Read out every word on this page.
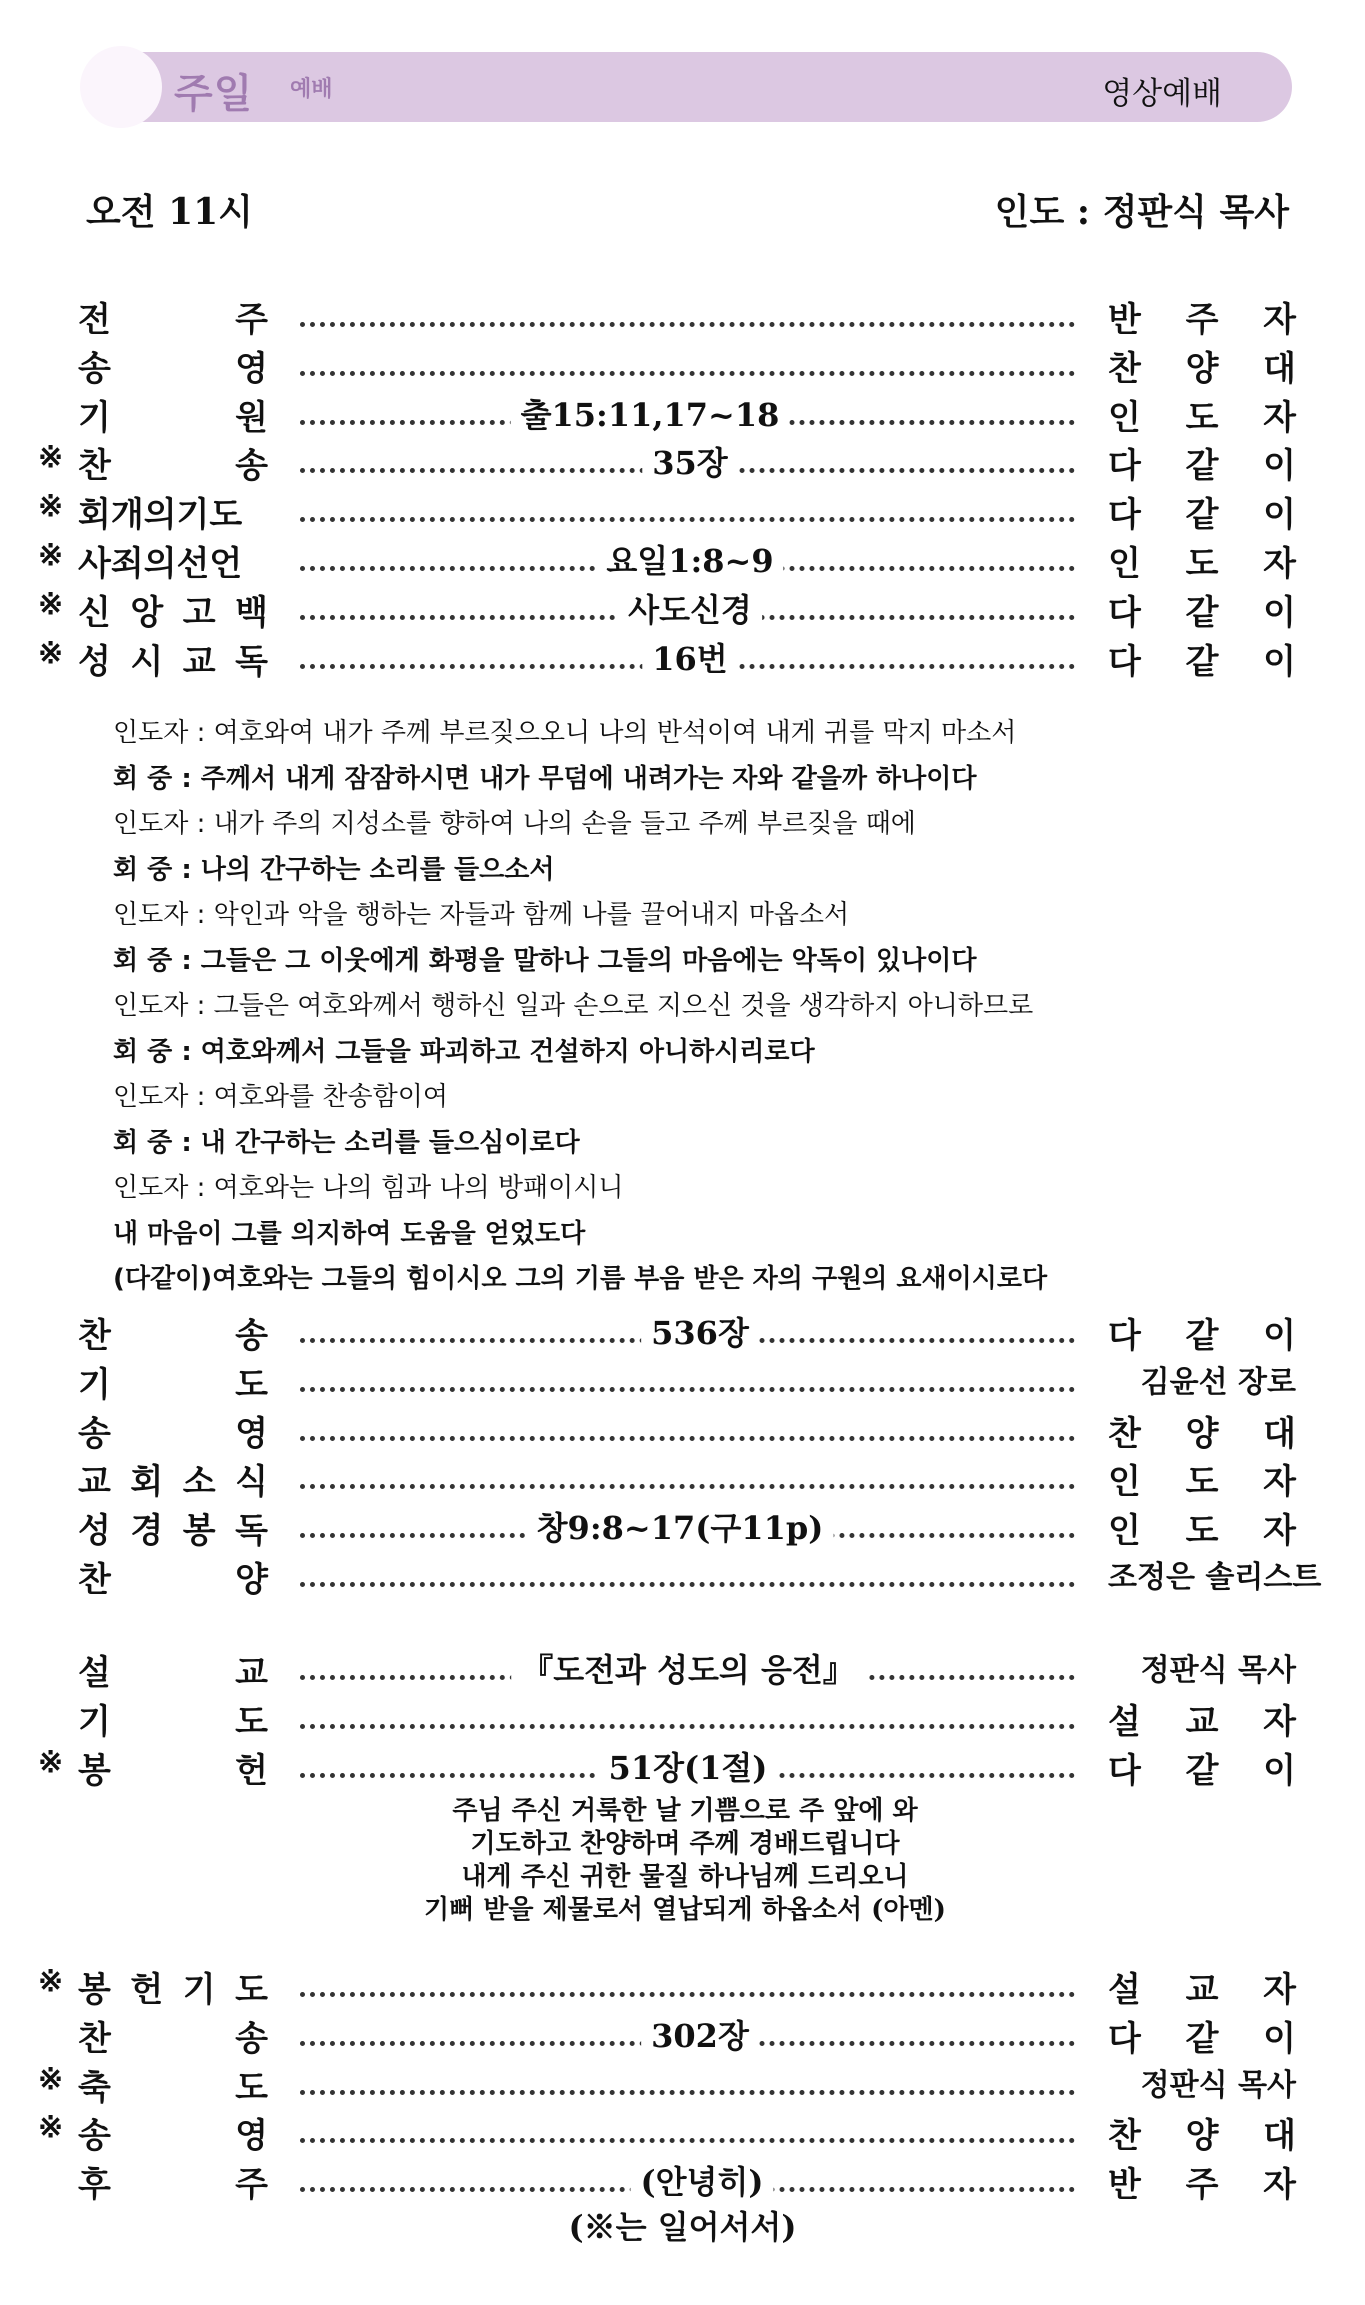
주일 예배	영상예배
오전 11시	인도 : 정판식 목사
전 주	반 주 자
송 영	찬 양 대
기 원	출15:11,17~18	인 도 자
※ 찬 송	35장	다 같 이
※ 회개의기도	다 같 이
※ 사죄의선언	요일1:8~9	인 도 자
※ 신 앙 고 백	사도신경	다 같 이
※ 성 시 교 독	16번	다 같 이
인도자 : 여호와여 내가 주께 부르짖으오니 나의 반석이여 내게 귀를 막지 마소서
회 중 : 주께서 내게 잠잠하시면 내가 무덤에 내려가는 자와 같을까 하나이다
인도자 : 내가 주의 지성소를 향하여 나의 손을 들고 주께 부르짖을 때에
회 중 : 나의 간구하는 소리를 들으소서
인도자 : 악인과 악을 행하는 자들과 함께 나를 끌어내지 마옵소서
회 중 : 그들은 그 이웃에게 화평을 말하나 그들의 마음에는 악독이 있나이다
인도자 : 그들은 여호와께서 행하신 일과 손으로 지으신 것을 생각하지 아니하므로
회 중 : 여호와께서 그들을 파괴하고 건설하지 아니하시리로다
인도자 : 여호와를 찬송함이여
회 중 : 내 간구하는 소리를 들으심이로다
인도자 : 여호와는 나의 힘과 나의 방패이시니
내 마음이 그를 의지하여 도움을 얻었도다
(다같이)여호와는 그들의 힘이시오 그의 기름 부음 받은 자의 구원의 요새이시로다
찬 송	536장	다 같 이
기 도	김윤선 장로
송 영	찬 양 대
교 회 소 식	인 도 자
성 경 봉 독	창9:8~17(구11p)	인 도 자
찬 양	조정은 솔리스트
설 교	『도전과 성도의 응전』	정판식 목사
기 도	설 교 자
※ 봉 헌	51장(1절)	다 같 이
주님 주신 거룩한 날 기쁨으로 주 앞에 와
기도하고 찬양하며 주께 경배드립니다
내게 주신 귀한 물질 하나님께 드리오니
기뻐 받을 제물로서 열납되게 하옵소서 (아멘)
※ 봉 헌 기 도	설 교 자
찬 송	302장	다 같 이
※ 축 도	정판식 목사
※ 송 영	찬 양 대
후 주	(안녕히)	반 주 자
(※는 일어서서)
